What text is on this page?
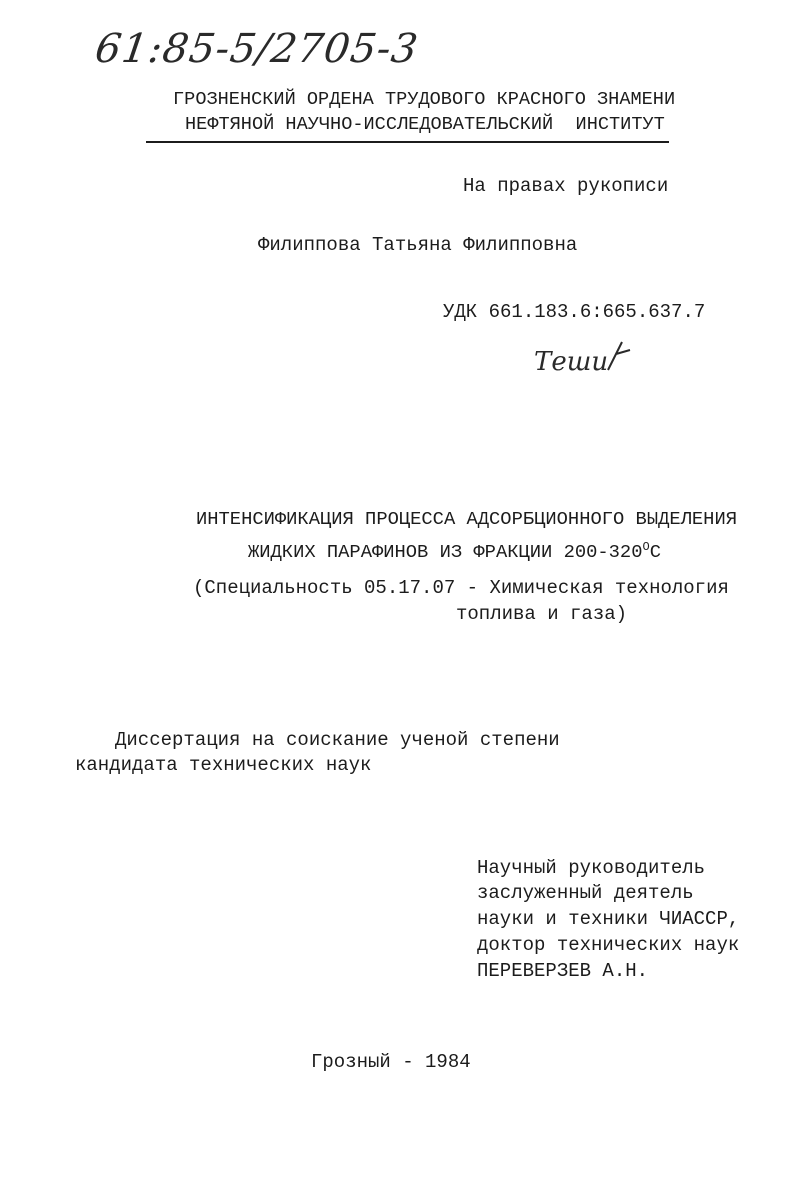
61:85-5/2705-3
ГРОЗНЕНСКИЙ ОРДЕНА ТРУДОВОГО КРАСНОГО ЗНАМЕНИ
НЕФТЯНОЙ НАУЧНО-ИССЛЕДОВАТЕЛЬСКИЙ  ИНСТИТУТ
На правах рукописи
Филиппова Татьяна Филипповна
УДК 661.183.6:665.637.7
Теши
ИНТЕНСИФИКАЦИЯ ПРОЦЕССА АДСОРБЦИОННОГО ВЫДЕЛЕНИЯ
ЖИДКИХ ПАРАФИНОВ ИЗ ФРАКЦИИ $200-320^ОС$
(Специальность 05.17.07 - Химическая технология
топлива и газа)
Диссертация на соискание ученой степени
кандидата технических наук
Научный руководитель
заслуженный деятель
науки и техники ЧИАССР,
доктор технических наук
ПЕРЕВЕРЗЕВ А.Н.
Грозный - 1984
